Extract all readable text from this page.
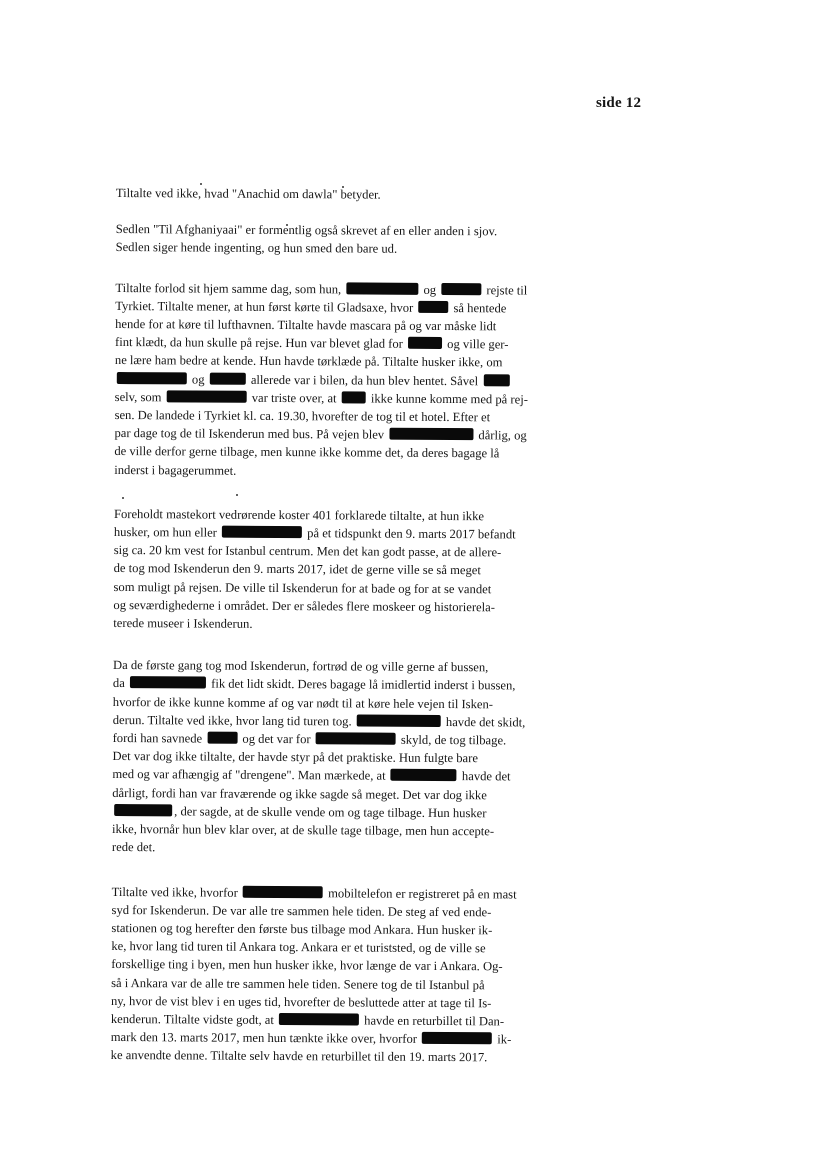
side 12

Tiltalte ved ikke, hvad "Anachid om dawla" betyder.

Sedlen "Til Afghaniyaai" er formentlig også skrevet af en eller anden i sjov.
Sedlen siger hende ingenting, og hun smed den bare ud.

Tiltalte forlod sit hjem samme dag, som hun,	og	rejste til
Tyrkiet. Tiltalte mener, at hun først kørte til Gladsaxe, hvor	så hentede
hende for at køre til lufthavnen. Tiltalte havde mascara på og var måske lidt
fint klædt, da hun skulle på rejse. Hun var blevet glad for	og ville ger-
ne lære ham bedre at kende. Hun havde tørklæde på. Tiltalte husker ikke, om
og	allerede var i bilen, da hun blev hentet. Såvel
selv, som	var triste over, at  ikke kunne komme med på rej-
sen. De landede i Tyrkiet kl. ca. 19.30, hvorefter de tog til et hotel. Efter et
par dage tog de til Iskenderun med bus. På vejen blev	dårlig, og
de ville derfor gerne tilbage, men kunne ikke komme det, da deres bagage lå
inderst i bagagerummet.

Foreholdt mastekort vedrørende koster 401 forklarede tiltalte, at hun ikke
husker, om hun eller	på et tidspunkt den 9. marts 2017 befandt
sig ca. 20 km vest for Istanbul centrum. Men det kan godt passe, at de allere-
de tog mod Iskenderun den 9. marts 2017, idet de gerne ville se så meget
som muligt på rejsen. De ville til Iskenderun for at bade og for at se vandet
og seværdighederne i området. Der er således flere moskeer og historierela-
terede museer i Iskenderun.

Da de første gang tog mod Iskenderun, fortrød de og ville gerne af bussen,
da	fik det lidt skidt. Deres bagage lå imidlertid inderst i bussen,
hvorfor de ikke kunne komme af og var nødt til at køre hele vejen til Isken-
derun. Tiltalte ved ikke, hvor lang tid turen tog.	havde det skidt,
fordi han savnede	og det var for	skyld, de tog tilbage.
Det var dog ikke tiltalte, der havde styr på det praktiske. Hun fulgte bare
med og var afhængig af "drengene". Man mærkede, at	havde det
dårligt, fordi han var fraværende og ikke sagde så meget. Det var dog ikke
, der sagde, at de skulle vende om og tage tilbage. Hun husker
ikke, hvornår hun blev klar over, at de skulle tage tilbage, men hun accepte-
rede det.

Tiltalte ved ikke, hvorfor	mobiltelefon er registreret på en mast
syd for Iskenderun. De var alle tre sammen hele tiden. De steg af ved ende-
stationen og tog herefter den første bus tilbage mod Ankara. Hun husker ik-
ke, hvor lang tid turen til Ankara tog. Ankara er et turiststed, og de ville se
forskellige ting i byen, men hun husker ikke, hvor længe de var i Ankara. Og-
så i Ankara var de alle tre sammen hele tiden. Senere tog de til Istanbul på
ny, hvor de vist blev i en uges tid, hvorefter de besluttede atter at tage til Is-
kenderun. Tiltalte vidste godt, at	havde en returbillet til Dan-
mark den 13. marts 2017, men hun tænkte ikke over, hvorfor	ik-
ke anvendte denne. Tiltalte selv havde en returbillet til den 19. marts 2017.
